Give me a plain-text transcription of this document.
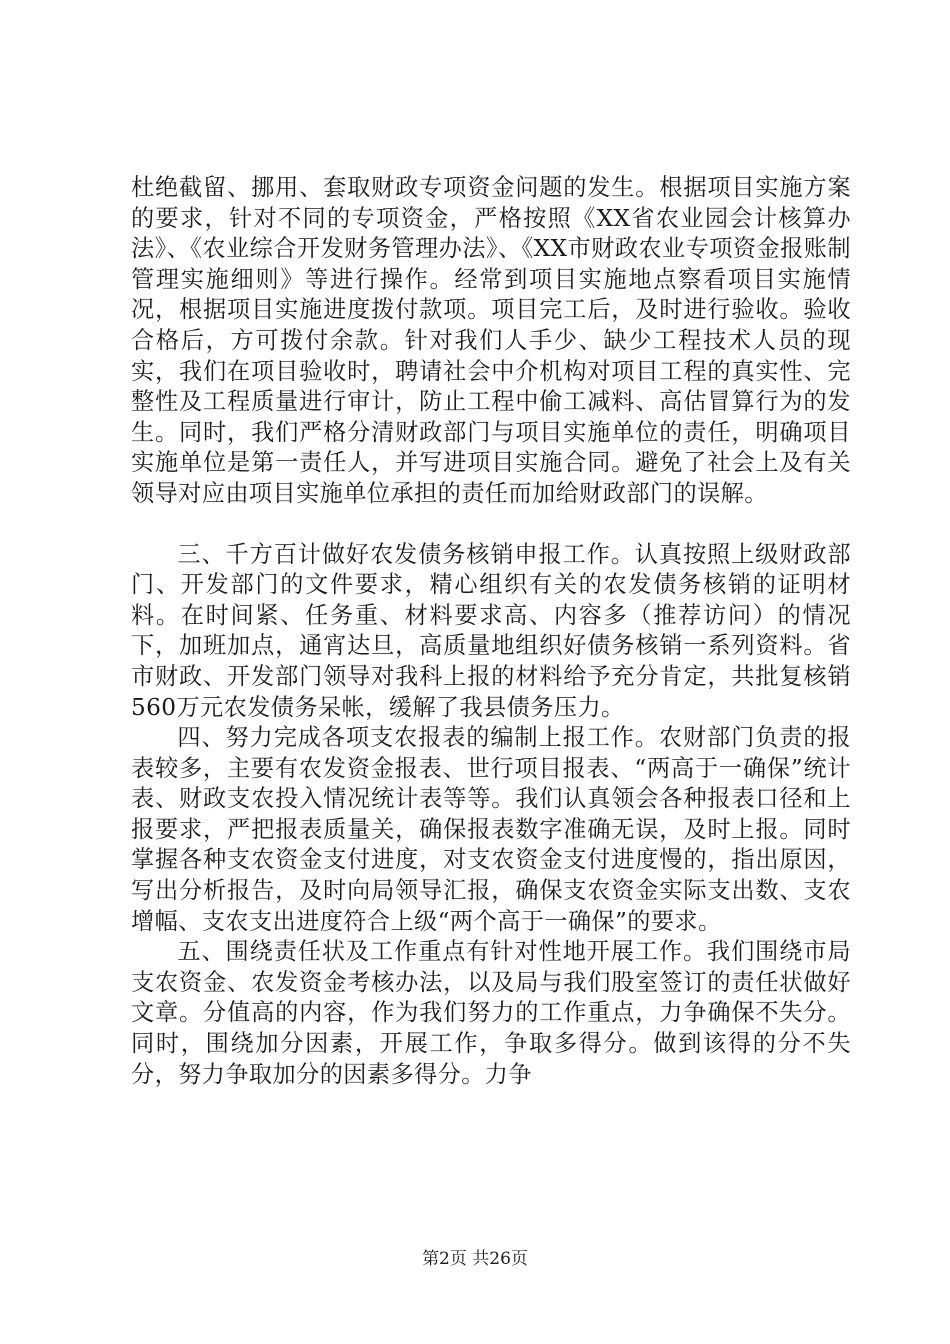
杜绝截留、挪用、套取财政专项资金问题的发生。根据项目实施方案的要求，针对不同的专项资金，严格按照《XX省农业园会计核算办法》、《农业综合开发财务管理办法》、《XX市财政农业专项资金报账制管理实施细则》等进行操作。经常到项目实施地点察看项目实施情况，根据项目实施进度拨付款项。项目完工后，及时进行验收。验收合格后，方可拨付余款。针对我们人手少、缺少工程技术人员的现实，我们在项目验收时，聘请社会中介机构对项目工程的真实性、完整性及工程质量进行审计，防止工程中偷工减料、高估冒算行为的发生。同时，我们严格分清财政部门与项目实施单位的责任，明确项目实施单位是第一责任人，并写进项目实施合同。避免了社会上及有关领导对应由项目实施单位承担的责任而加给财政部门的误解。

三、千方百计做好农发债务核销申报工作。认真按照上级财政部门、开发部门的文件要求，精心组织有关的农发债务核销的证明材料。在时间紧、任务重、材料要求高、内容多（推荐访问）的情况下，加班加点，通宵达旦，高质量地组织好债务核销一系列资料。省市财政、开发部门领导对我科上报的材料给予充分肯定，共批复核销560万元农发债务呆帐，缓解了我县债务压力。

四、努力完成各项支农报表的编制上报工作。农财部门负责的报表较多，主要有农发资金报表、世行项目报表、“两高于一确保”统计表、财政支农投入情况统计表等等。我们认真领会各种报表口径和上报要求，严把报表质量关，确保报表数字准确无误，及时上报。同时掌握各种支农资金支付进度，对支农资金支付进度慢的，指出原因，写出分析报告，及时向局领导汇报，确保支农资金实际支出数、支农增幅、支农支出进度符合上级“两个高于一确保”的要求。

五、围绕责任状及工作重点有针对性地开展工作。我们围绕市局支农资金、农发资金考核办法，以及局与我们股室签订的责任状做好文章。分值高的内容，作为我们努力的工作重点，力争确保不失分。同时，围绕加分因素，开展工作，争取多得分。做到该得的分不失分，努力争取加分的因素多得分。力争

第2页 共26页
